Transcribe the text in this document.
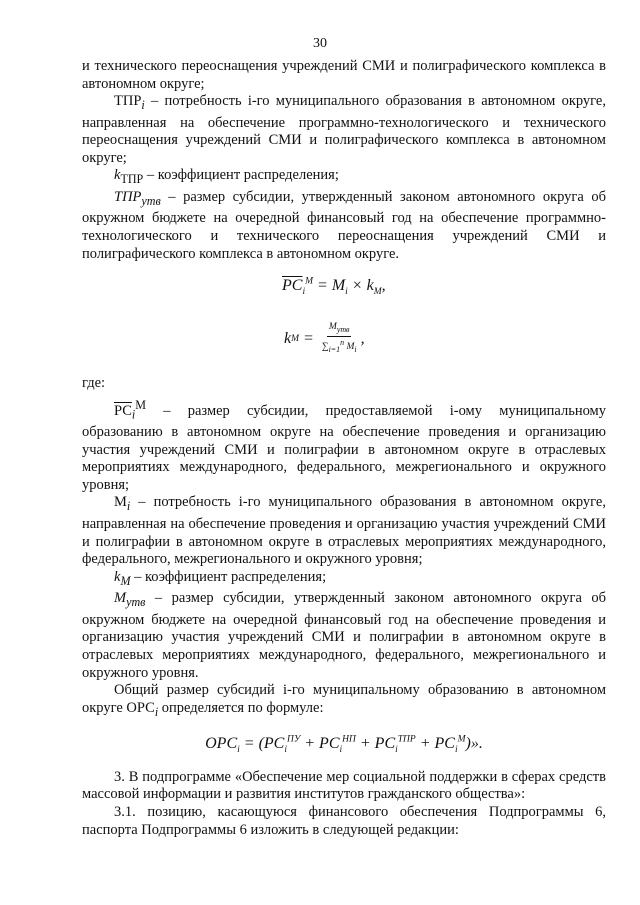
30

и технического переоснащения учреждений СМИ и полиграфического комплекса в автономном округе;

$ТПР_i$ – потребность i-го муниципального образования в автономном округе, направленная на обеспечение программно-технологического и технического переоснащения учреждений СМИ и полиграфического комплекса в автономном округе;

$k_{ТПР}$ – коэффициент распределения;

$ТПР_{утв}$ – размер субсидии, утвержденный законом автономного округа об окружном бюджете на очередной финансовый год на обеспечение программно-технологического и технического переоснащения учреждений СМИ и полиграфического комплекса в автономном округе.

$РС_i^М = M_i \times k_M$,
k $M = \frac{M_{утв}}{\sum_{i=1}^n M_i}$ ,

где:

$РС_i^М$ – размер субсидии, предоставляемой i-ому муниципальному образованию в автономном округе на обеспечение проведения и организацию участия учреждений СМИ и полиграфии в автономном округе в отраслевых мероприятиях международного, федерального, межрегионального и окружного уровня;

$M_i$ – потребность i-го муниципального образования в автономном округе, направленная на обеспечение проведения и организацию участия учреждений СМИ и полиграфии в автономном округе в отраслевых мероприятиях международного, федерального, межрегионального и окружного уровня;

$k_M$ – коэффициент распределения;

$M_{утв}$ – размер субсидии, утвержденный законом автономного округа об окружном бюджете на очередной финансовый год на обеспечение проведения и организацию участия учреждений СМИ и полиграфии в автономном округе в отраслевых мероприятиях международного, федерального, межрегионального и окружного уровня.

Общий размер субсидий i-го муниципальному образованию в автономном округе $ОРС_i$ определяется по формуле:

$ОРС_i = (РС_i^{ПУ} + РС_i^{НП} + РС_i^{ТПР} + РС_i^М)$».

3. В подпрограмме «Обеспечение мер социальной поддержки в сферах средств массовой информации и развития институтов гражданского общества»:

3.1. позицию, касающуюся финансового обеспечения Подпрограммы 6, паспорта Подпрограммы 6 изложить в следующей редакции:
